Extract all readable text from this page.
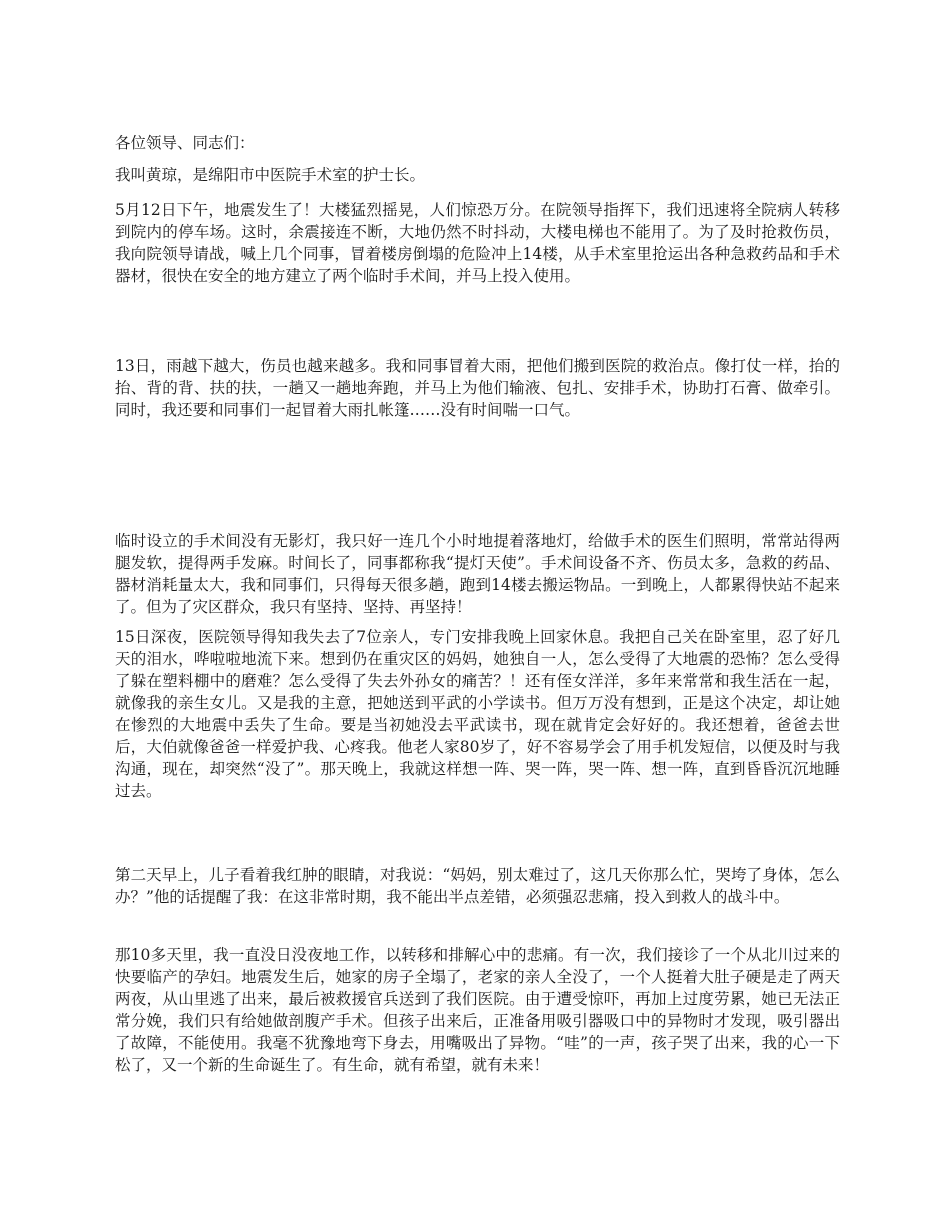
各位领导、同志们：

我叫黄琼，是绵阳市中医院手术室的护士长。

5月12日下午，地震发生了！大楼猛烈摇晃，人们惊恐万分。在院领导指挥下，我们迅速将全院病人转移到院内的停车场。这时，余震接连不断，大地仍然不时抖动，大楼电梯也不能用了。为了及时抢救伤员，我向院领导请战，喊上几个同事，冒着楼房倒塌的危险冲上14楼，从手术室里抢运出各种急救药品和手术器材，很快在安全的地方建立了两个临时手术间，并马上投入使用。

13日，雨越下越大，伤员也越来越多。我和同事冒着大雨，把他们搬到医院的救治点。像打仗一样，抬的抬、背的背、扶的扶，一趟又一趟地奔跑，并马上为他们输液、包扎、安排手术，协助打石膏、做牵引。同时，我还要和同事们一起冒着大雨扎帐篷……没有时间喘一口气。

临时设立的手术间没有无影灯，我只好一连几个小时地提着落地灯，给做手术的医生们照明，常常站得两腿发软，提得两手发麻。时间长了，同事都称我“提灯天使”。手术间设备不齐、伤员太多，急救的药品、器材消耗量太大，我和同事们，只得每天很多趟，跑到14楼去搬运物品。一到晚上，人都累得快站不起来了。但为了灾区群众，我只有坚持、坚持、再坚持！

15日深夜，医院领导得知我失去了7位亲人，专门安排我晚上回家休息。我把自己关在卧室里，忍了好几天的泪水，哗啦啦地流下来。想到仍在重灾区的妈妈，她独自一人，怎么受得了大地震的恐怖？怎么受得了躲在塑料棚中的磨难？怎么受得了失去外孙女的痛苦？！还有侄女洋洋，多年来常常和我生活在一起，就像我的亲生女儿。又是我的主意，把她送到平武的小学读书。但万万没有想到，正是这个决定，却让她在惨烈的大地震中丢失了生命。要是当初她没去平武读书，现在就肯定会好好的。我还想着，爸爸去世后，大伯就像爸爸一样爱护我、心疼我。他老人家80岁了，好不容易学会了用手机发短信，以便及时与我沟通，现在，却突然“没了”。那天晚上，我就这样想一阵、哭一阵，哭一阵、想一阵，直到昏昏沉沉地睡过去。

第二天早上，儿子看着我红肿的眼睛，对我说：“妈妈，别太难过了，这几天你那么忙，哭垮了身体，怎么办？”他的话提醒了我：在这非常时期，我不能出半点差错，必须强忍悲痛，投入到救人的战斗中。

那10多天里，我一直没日没夜地工作，以转移和排解心中的悲痛。有一次，我们接诊了一个从北川过来的快要临产的孕妇。地震发生后，她家的房子全塌了，老家的亲人全没了，一个人挺着大肚子硬是走了两天两夜，从山里逃了出来，最后被救援官兵送到了我们医院。由于遭受惊吓，再加上过度劳累，她已无法正常分娩，我们只有给她做剖腹产手术。但孩子出来后，正准备用吸引器吸口中的异物时才发现，吸引器出了故障，不能使用。我毫不犹豫地弯下身去，用嘴吸出了异物。“哇”的一声，孩子哭了出来，我的心一下松了，又一个新的生命诞生了。有生命，就有希望，就有未来！
